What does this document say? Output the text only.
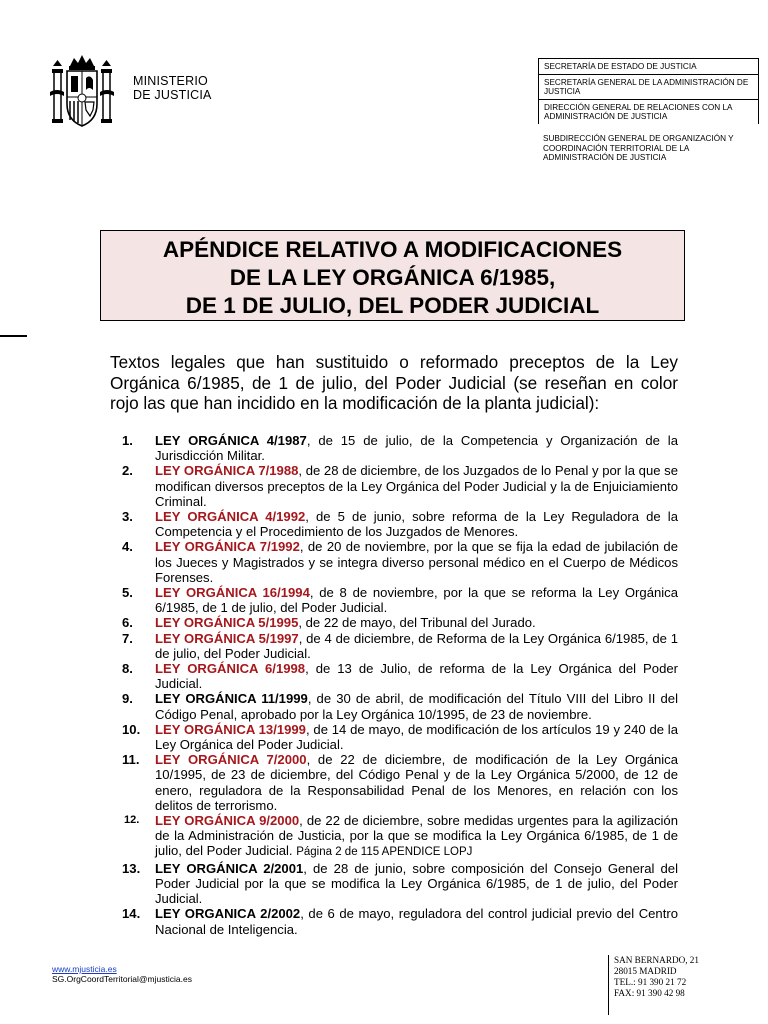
MINISTERIO
DE JUSTICIA
SECRETARÍA DE ESTADO DE JUSTICIA
SECRETARÍA GENERAL DE LA ADMINISTRACIÓN DE JUSTICIA
DIRECCIÓN GENERAL DE RELACIONES CON LA ADMINISTRACIÓN DE JUSTICIA
SUBDIRECCIÓN GENERAL DE ORGANIZACIÓN Y COORDINACIÓN TERRITORIAL DE LA ADMINISTRACIÓN DE JUSTICIA
APÉNDICE RELATIVO A MODIFICACIONES
DE LA LEY ORGÁNICA 6/1985,
DE 1 DE JULIO, DEL PODER JUDICIAL

Textos legales que han sustituido o reformado preceptos de la Ley Orgánica 6/1985, de 1 de julio, del Poder Judicial (se reseñan en color rojo las que han incidido en la modificación de la planta judicial):

1. LEY ORGÁNICA 4/1987, de 15 de julio, de la Competencia y Organización de la Jurisdicción Militar.
2. LEY ORGÁNICA 7/1988, de 28 de diciembre, de los Juzgados de lo Penal y por la que se modifican diversos preceptos de la Ley Orgánica del Poder Judicial y la de Enjuiciamiento Criminal.
3. LEY ORGÁNICA 4/1992, de 5 de junio, sobre reforma de la Ley Reguladora de la Competencia y el Procedimiento de los Juzgados de Menores.
4. LEY ORGÁNICA 7/1992, de 20 de noviembre, por la que se fija la edad de jubilación de los Jueces y Magistrados y se integra diverso personal médico en el Cuerpo de Médicos Forenses.
5. LEY ORGÁNICA 16/1994, de 8 de noviembre, por la que se reforma la Ley Orgánica 6/1985, de 1 de julio, del Poder Judicial.
6. LEY ORGÁNICA 5/1995, de 22 de mayo, del Tribunal del Jurado.
7. LEY ORGÁNICA 5/1997, de 4 de diciembre, de Reforma de la Ley Orgánica 6/1985, de 1 de julio, del Poder Judicial.
8. LEY ORGÁNICA 6/1998, de 13 de Julio, de reforma de la Ley Orgánica del Poder Judicial.
9. LEY ORGÁNICA 11/1999, de 30 de abril, de modificación del Título VIII del Libro II del Código Penal, aprobado por la Ley Orgánica 10/1995, de 23 de noviembre.
10. LEY ORGÁNICA 13/1999, de 14 de mayo, de modificación de los artículos 19 y 240 de la Ley Orgánica del Poder Judicial.
11. LEY ORGÁNICA 7/2000, de 22 de diciembre, de modificación de la Ley Orgánica 10/1995, de 23 de diciembre, del Código Penal y de la Ley Orgánica 5/2000, de 12 de enero, reguladora de la Responsabilidad Penal de los Menores, en relación con los delitos de terrorismo.
12. LEY ORGÁNICA 9/2000, de 22 de diciembre, sobre medidas urgentes para la agilización de la Administración de Justicia, por la que se modifica la Ley Orgánica 6/1985, de 1 de julio, del Poder Judicial. Página 2 de 115 APENDICE LOPJ
13. LEY ORGÁNICA 2/2001, de 28 de junio, sobre composición del Consejo General del Poder Judicial por la que se modifica la Ley Orgánica 6/1985, de 1 de julio, del Poder Judicial.
14. LEY ORGANICA 2/2002, de 6 de mayo, reguladora del control judicial previo del Centro Nacional de Inteligencia.
www.mjusticia.es
SG.OrgCoordTerritorial@mjusticia.es
SAN BERNARDO, 21
28015 MADRID
TEL.: 91 390 21 72
FAX: 91 390 42 98
